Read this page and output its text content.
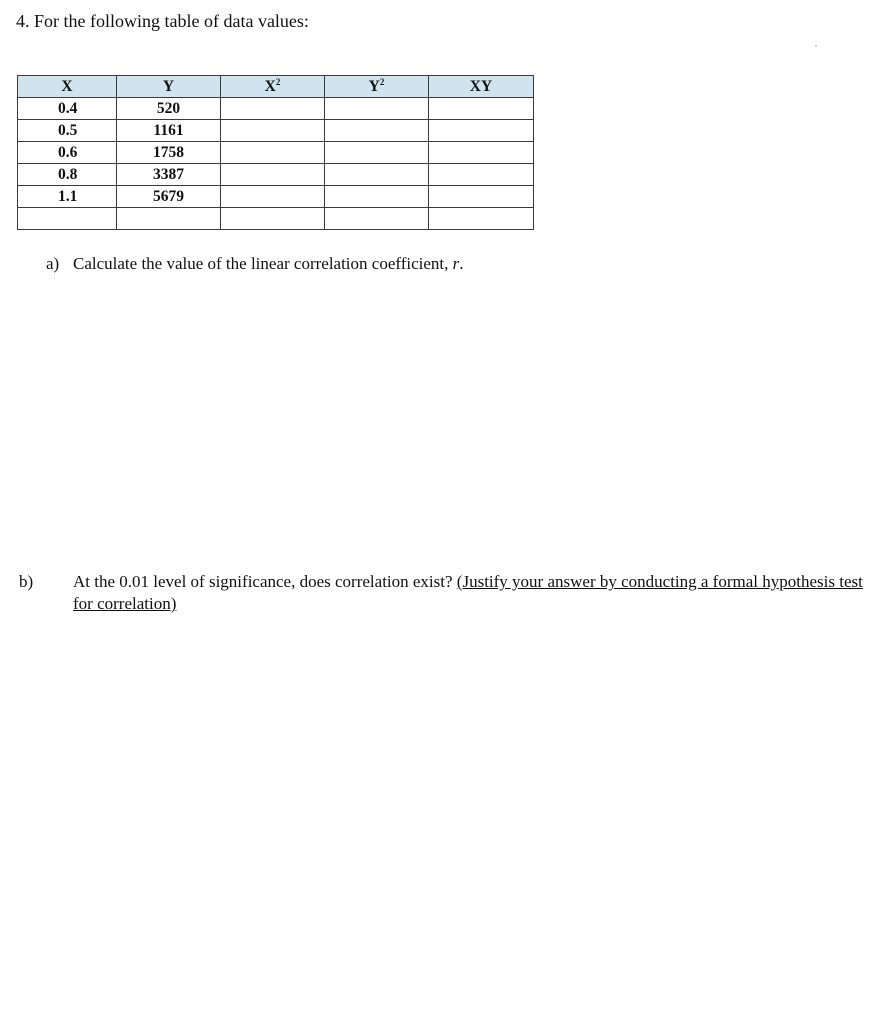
4. For the following table of data values:
X	Y	$X^2$	$Y^2$	XY
0.4	520			
0.5	1161			
0.6	1758			
0.8	3387			
1.1	5679			

a) Calculate the value of the linear correlation coefficient, r.
b) At the 0.01 level of significance, does correlation exist? (Justify your answer by conducting a formal hypothesis test for correlation)
